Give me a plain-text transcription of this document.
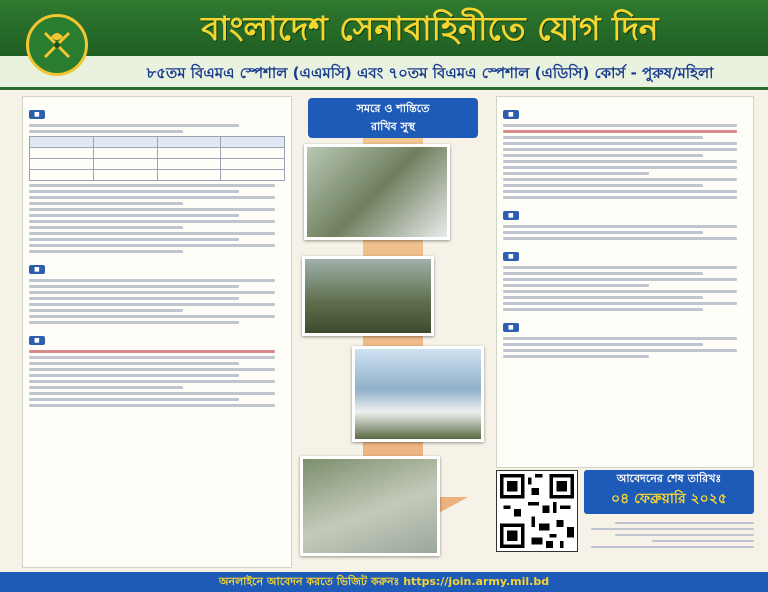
বাংলাদেশ সেনাবাহিনীতে যোগ দিন
৮৫তম বিএমএ স্পেশাল (এএমসি) এবং ৭০তম বিএমএ স্পেশাল (এডিসি) কোর্স - পুরুষ/মহিলা
■

■
■
সমরে ও শান্তিতে
রাখিব সুস্থ
■
■
■
■
আবেদনের শেষ তারিখঃ
০৪ ফেব্রুয়ারি ২০২৫
অনলাইনে আবেদন করতে ভিজিট করুনঃ https://join.army.mil.bd
